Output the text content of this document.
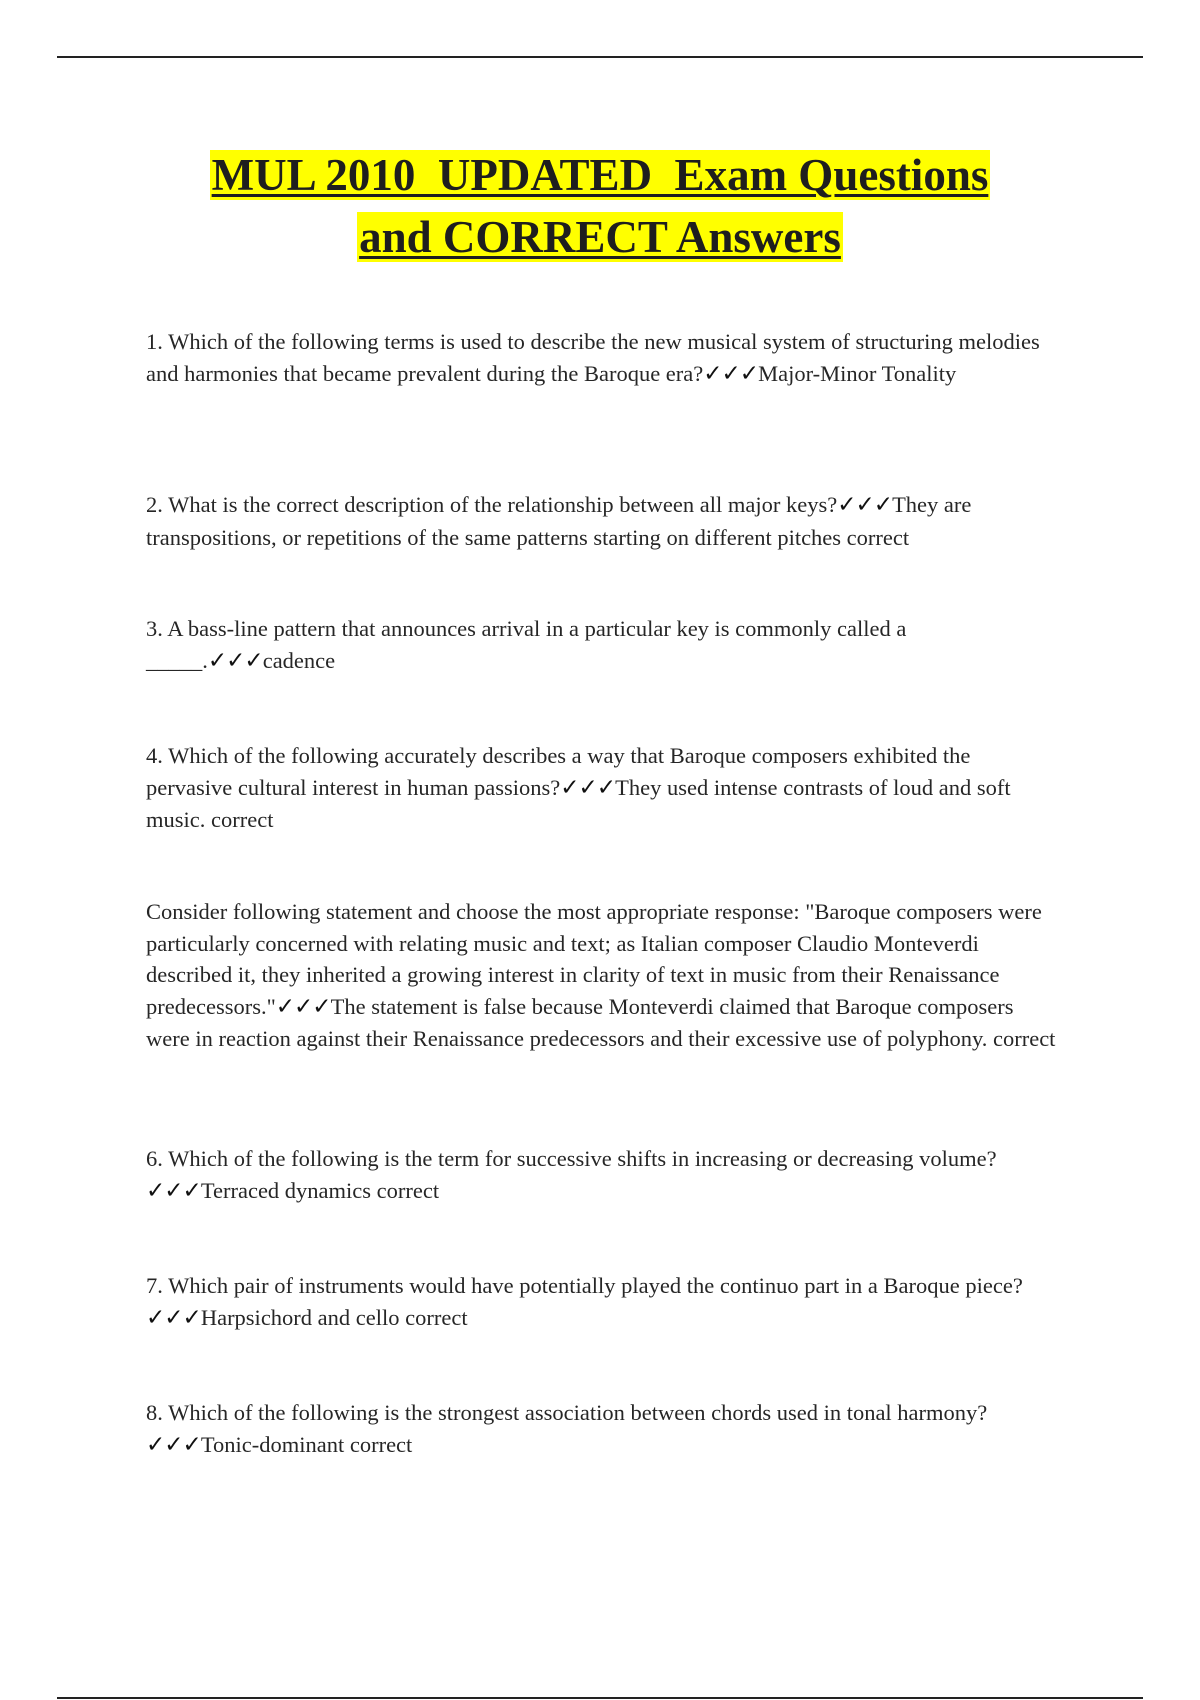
MUL 2010  UPDATED  Exam Questions
and CORRECT Answers
1. Which of the following terms is used to describe the new musical system of structuring melodies and harmonies that became prevalent during the Baroque era?✓✓✓Major-Minor Tonality
2. What is the correct description of the relationship between all major keys?✓✓✓They are transpositions, or repetitions of the same patterns starting on different pitches correct
3. A bass-line pattern that announces arrival in a particular key is commonly called a _____.✓✓✓cadence
4. Which of the following accurately describes a way that Baroque composers exhibited the pervasive cultural interest in human passions?✓✓✓They used intense contrasts of loud and soft music. correct
Consider following statement and choose the most appropriate response: "Baroque composers were particularly concerned with relating music and text; as Italian composer Claudio Monteverdi described it, they inherited a growing interest in clarity of text in music from their Renaissance predecessors."✓✓✓The statement is false because Monteverdi claimed that Baroque composers were in reaction against their Renaissance predecessors and their excessive use of polyphony. correct
6. Which of the following is the term for successive shifts in increasing or decreasing volume?✓✓✓Terraced dynamics correct
7. Which pair of instruments would have potentially played the continuo part in a Baroque piece?✓✓✓Harpsichord and cello correct
8. Which of the following is the strongest association between chords used in tonal harmony?✓✓✓Tonic-dominant correct
